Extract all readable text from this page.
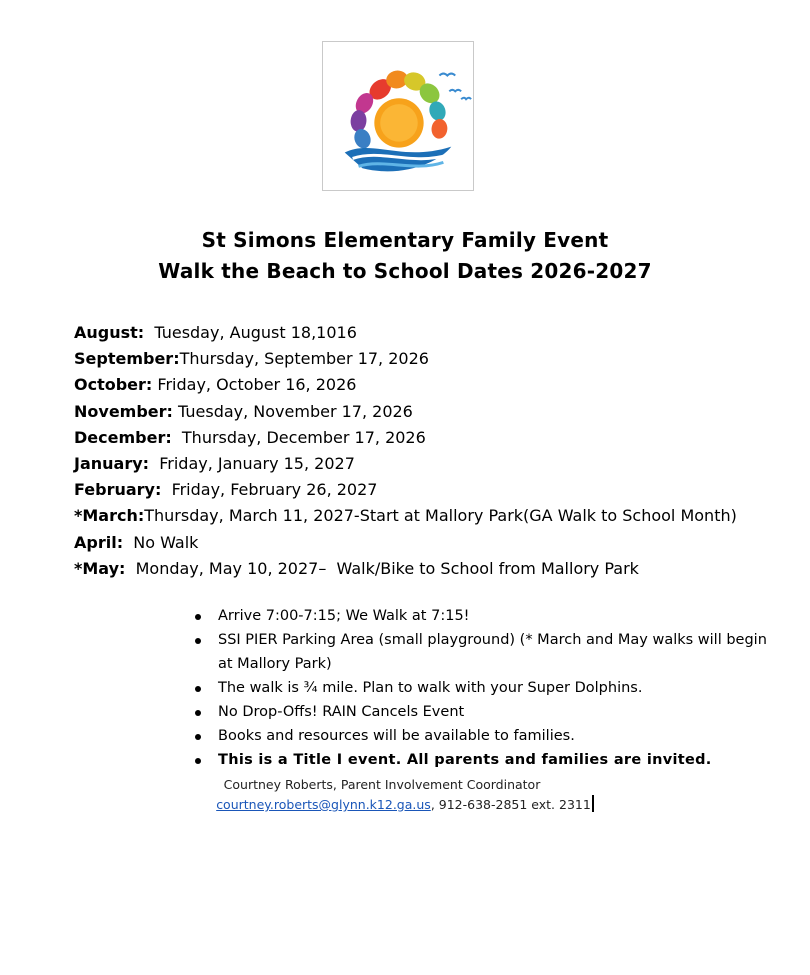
St Simons Elementary Family Event
Walk the Beach to School Dates 2026-2027
August:  Tuesday, August 18,1016
September:Thursday, September 17, 2026
October: Friday, October 16, 2026
November: Tuesday, November 17, 2026
December:  Thursday, December 17, 2026
January:  Friday, January 15, 2027
February:  Friday, February 26, 2027
*March:Thursday, March 11, 2027-Start at Mallory Park(GA Walk to School Month)
April:  No Walk
*May:  Monday, May 10, 2027–  Walk/Bike to School from Mallory Park
Arrive 7:00-7:15; We Walk at 7:15!
SSI PIER Parking Area (small playground) (* March and May walks will begin at Mallory Park)
The walk is ¾ mile. Plan to walk with your Super Dolphins.
No Drop-Offs! RAIN Cancels Event
Books and resources will be available to families.
This is a Title I event. All parents and families are invited.
Courtney Roberts, Parent Involvement Coordinator
courtney.roberts@glynn.k12.ga.us, 912-638-2851 ext. 2311
